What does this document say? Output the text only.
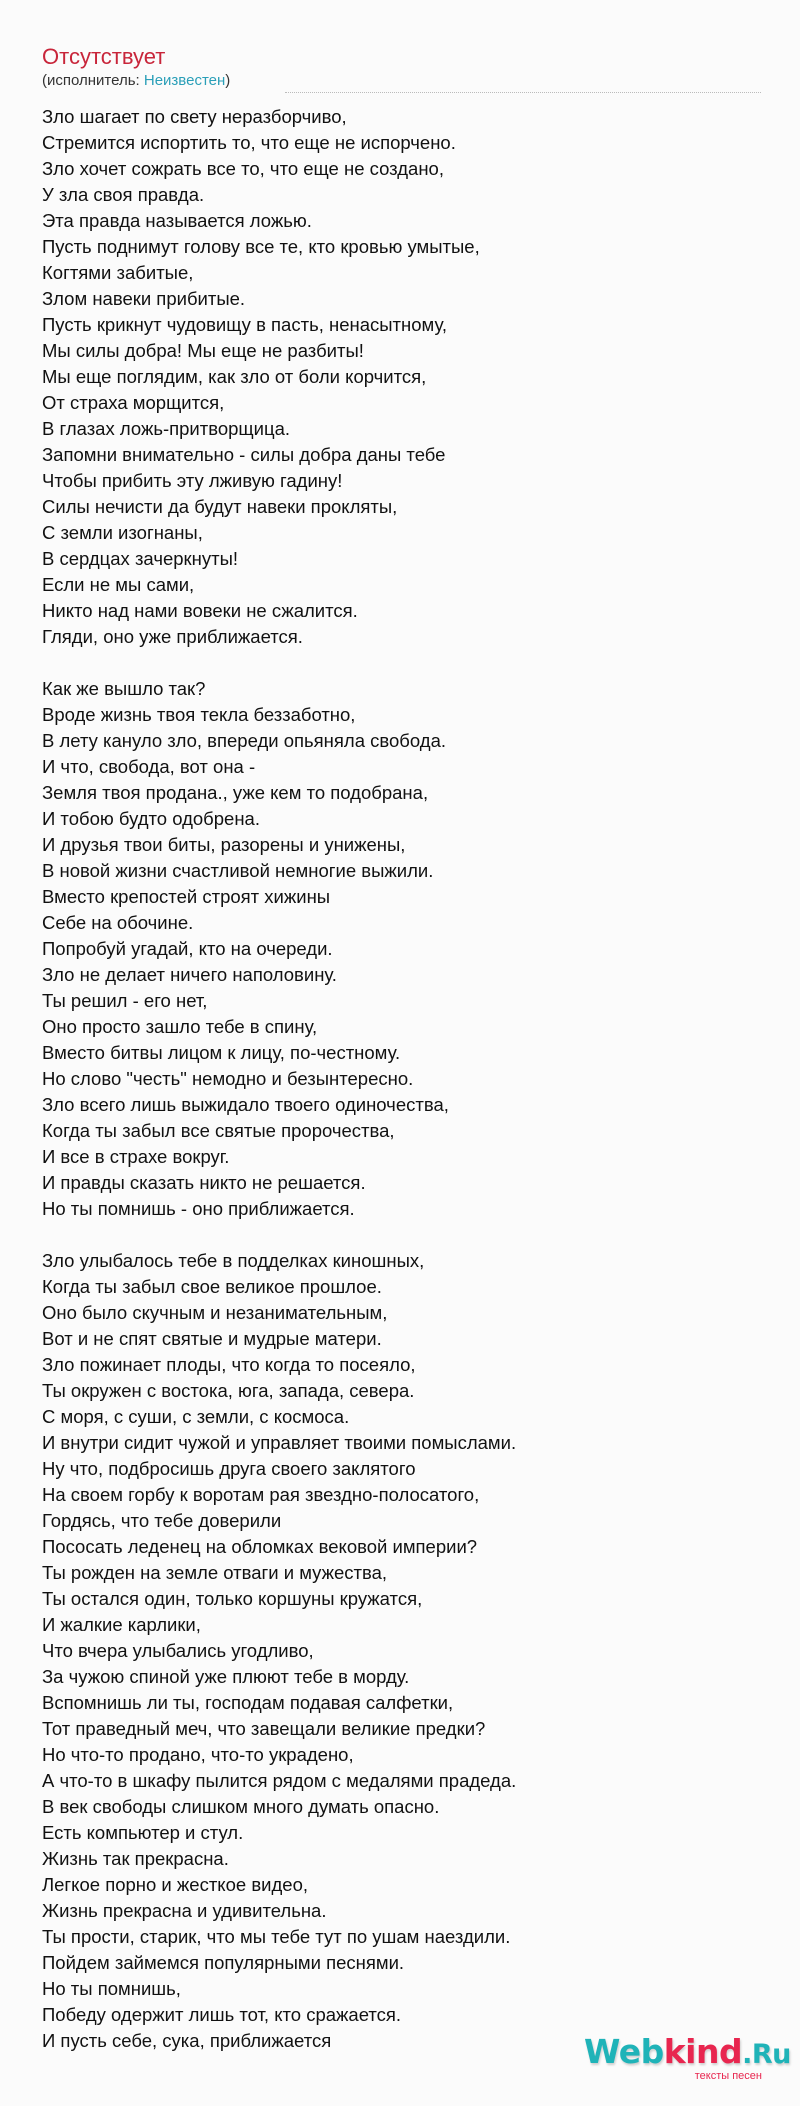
Отсутствует
(исполнитель: Неизвестен)
Зло шагает по свету неразборчиво,
Стремится испортить то, что еще не испорчено.
Зло хочет сожрать все то, что еще не создано,
У зла своя правда.
Эта правда называется ложью.
Пусть поднимут голову все те, кто кровью умытые,
Когтями забитые,
Злом навеки прибитые.
Пусть крикнут чудовищу в пасть, ненасытному,
Мы силы добра! Мы еще не разбиты!
Мы еще поглядим, как зло от боли корчится,
От страха морщится,
В глазах ложь-притворщица.
Запомни внимательно - силы добра даны тебе
Чтобы прибить эту лживую гадину!
Силы нечисти да будут навеки прокляты,
С земли изогнаны,
В сердцах зачеркнуты!
Если не мы сами,
Никто над нами вовеки не сжалится.
Гляди, оно уже приближается.
Как же вышло так?
Вроде жизнь твоя текла беззаботно,
В лету кануло зло, впереди опьяняла свобода.
И что, свобода, вот она -
Земля твоя продана., уже кем то подобрана,
И тобою будто одобрена.
И друзья твои биты, разорены и унижены,
В новой жизни счастливой немногие выжили.
Вместо крепостей строят хижины
Себе на обочине.
Попробуй угадай, кто на очереди.
Зло не делает ничего наполовину.
Ты решил - его нет,
Оно просто зашло тебе в спину,
Вместо битвы лицом к лицу, по-честному.
Но слово "честь" немодно и безынтересно.
Зло всего лишь выжидало твоего одиночества,
Когда ты забыл все святые пророчества,
И все в страхе вокруг.
И правды сказать никто не решается.
Но ты помнишь - оно приближается.
Зло улыбалось тебе в подделках киношных,
Когда ты забыл свое великое прошлое.
Оно было скучным и незанимательным,
Вот и не спят святые и мудрые матери.
Зло пожинает плоды, что когда то посеяло,
Ты окружен с востока, юга, запада, севера.
С моря, с суши, с земли, с космоса.
И внутри сидит чужой и управляет твоими помыслами.
Ну что, подбросишь друга своего заклятого
На своем горбу к воротам рая звездно-полосатого,
Гордясь, что тебе доверили
Пососать леденец на обломках вековой империи?
Ты рожден на земле отваги и мужества,
Ты остался один, только коршуны кружатся,
И жалкие карлики,
Что вчера улыбались угодливо,
За чужою спиной уже плюют тебе в морду.
Вспомнишь ли ты, господам подавая салфетки,
Тот праведный меч, что завещали великие предки?
Но что-то продано, что-то украдено,
А что-то в шкафу пылится рядом с медалями прадеда.
В век свободы слишком много думать опасно.
Есть компьютер и стул.
Жизнь так прекрасна.
Легкое порно и жесткое видео,
Жизнь прекрасна и удивительна.
Ты прости, старик, что мы тебе тут по ушам наездили.
Пойдем займемся популярными песнями.
Но ты помнишь,
Победу одержит лишь тот, кто сражается.
И пусть себе, сука, приближается	Webkind.Ru
тексты песен
